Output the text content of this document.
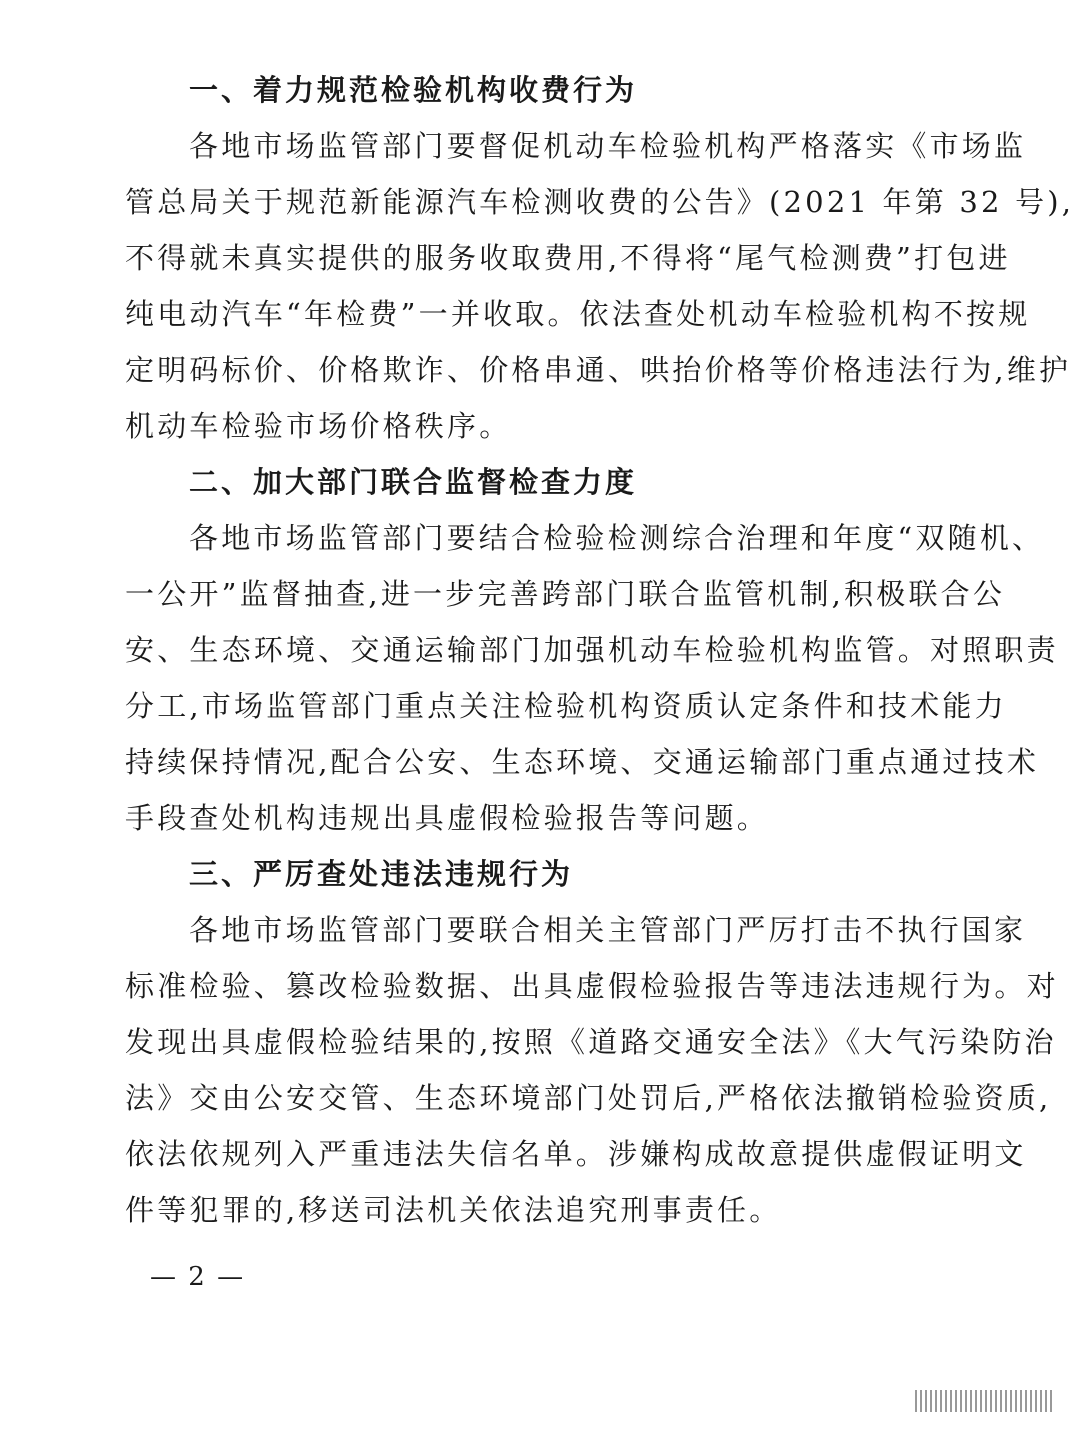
一、着力规范检验机构收费行为

各地市场监管部门要督促机动车检验机构严格落实《市场监

管总局关于规范新能源汽车检测收费的公告》(2021 年第 32 号),

不得就未真实提供的服务收取费用,不得将“尾气检测费”打包进

纯电动汽车“年检费”一并收取。依法查处机动车检验机构不按规

定明码标价、价格欺诈、价格串通、哄抬价格等价格违法行为,维护

机动车检验市场价格秩序。

二、加大部门联合监督检查力度

各地市场监管部门要结合检验检测综合治理和年度“双随机、

一公开”监督抽查,进一步完善跨部门联合监管机制,积极联合公

安、生态环境、交通运输部门加强机动车检验机构监管。对照职责

分工,市场监管部门重点关注检验机构资质认定条件和技术能力

持续保持情况,配合公安、生态环境、交通运输部门重点通过技术

手段查处机构违规出具虚假检验报告等问题。

三、严厉查处违法违规行为

各地市场监管部门要联合相关主管部门严厉打击不执行国家

标准检验、篡改检验数据、出具虚假检验报告等违法违规行为。对

发现出具虚假检验结果的,按照《道路交通安全法》《大气污染防治

法》交由公安交管、生态环境部门处罚后,严格依法撤销检验资质,

依法依规列入严重违法失信名单。涉嫌构成故意提供虚假证明文

件等犯罪的,移送司法机关依法追究刑事责任。

— 2 —
